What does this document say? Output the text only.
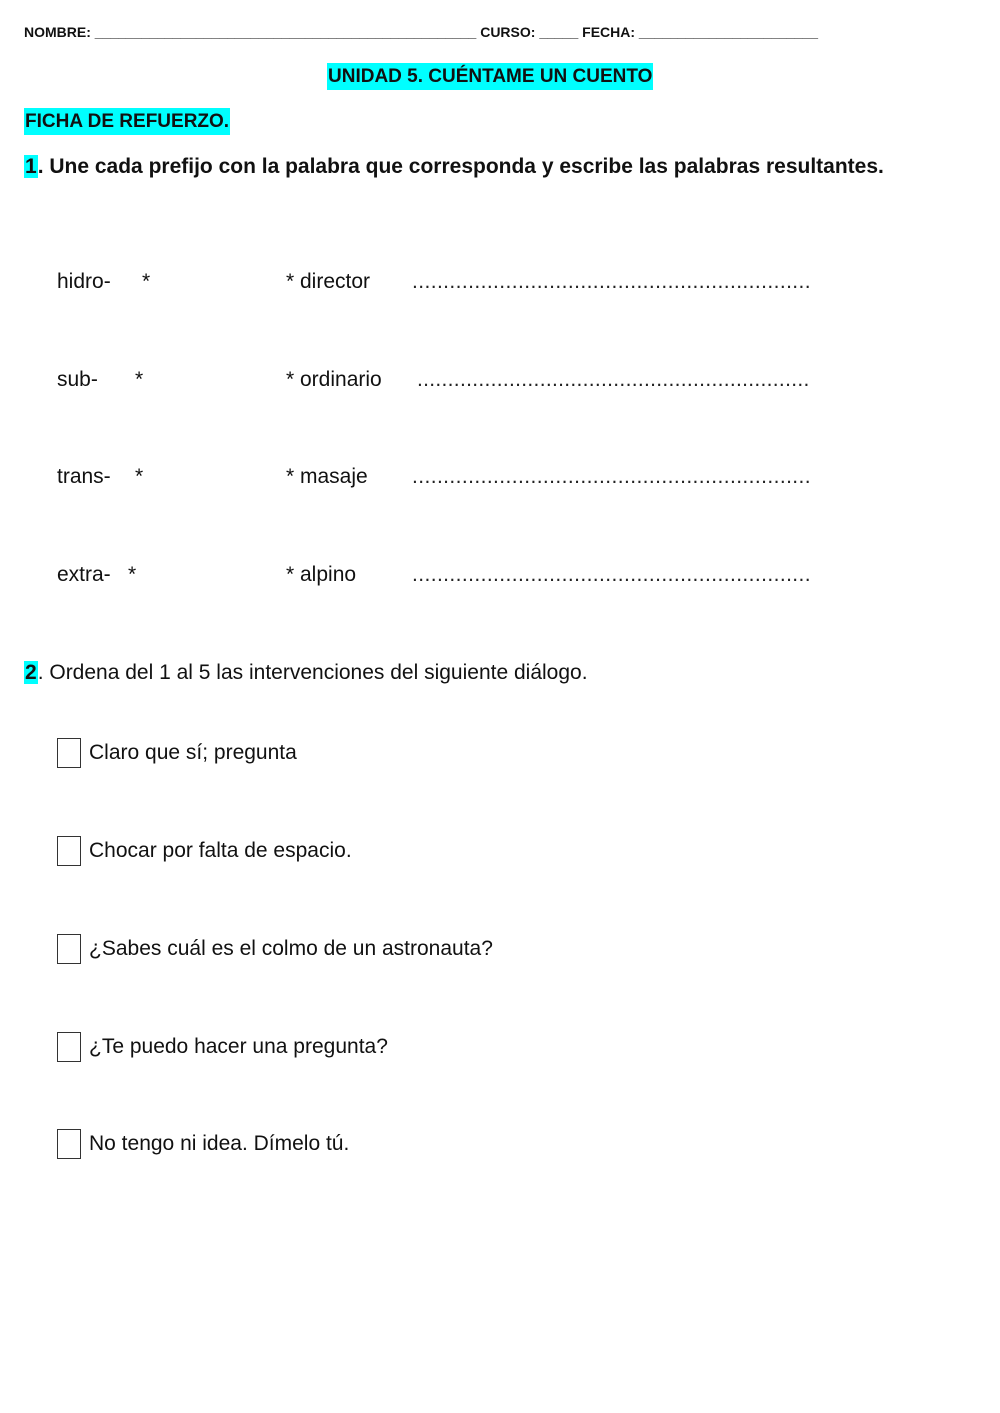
NOMBRE: _________________________________________________ CURSO: _____ FECHA: _______________________
UNIDAD 5. CUÉNTAME UN CUENTO
FICHA DE REFUERZO.
1. Une cada prefijo con la palabra que corresponda y escribe las palabras resultantes.
hidro- *	* director ................................................................
sub- *	* ordinario ................................................................
trans- *	* masaje ................................................................
extra- *	* alpino	................................................................
2. Ordena del 1 al 5 las intervenciones del siguiente diálogo.
Claro que sí; pregunta
Chocar por falta de espacio.
¿Sabes cuál es el colmo de un astronauta?
¿Te puedo hacer una pregunta?
No tengo ni idea. Dímelo tú.
